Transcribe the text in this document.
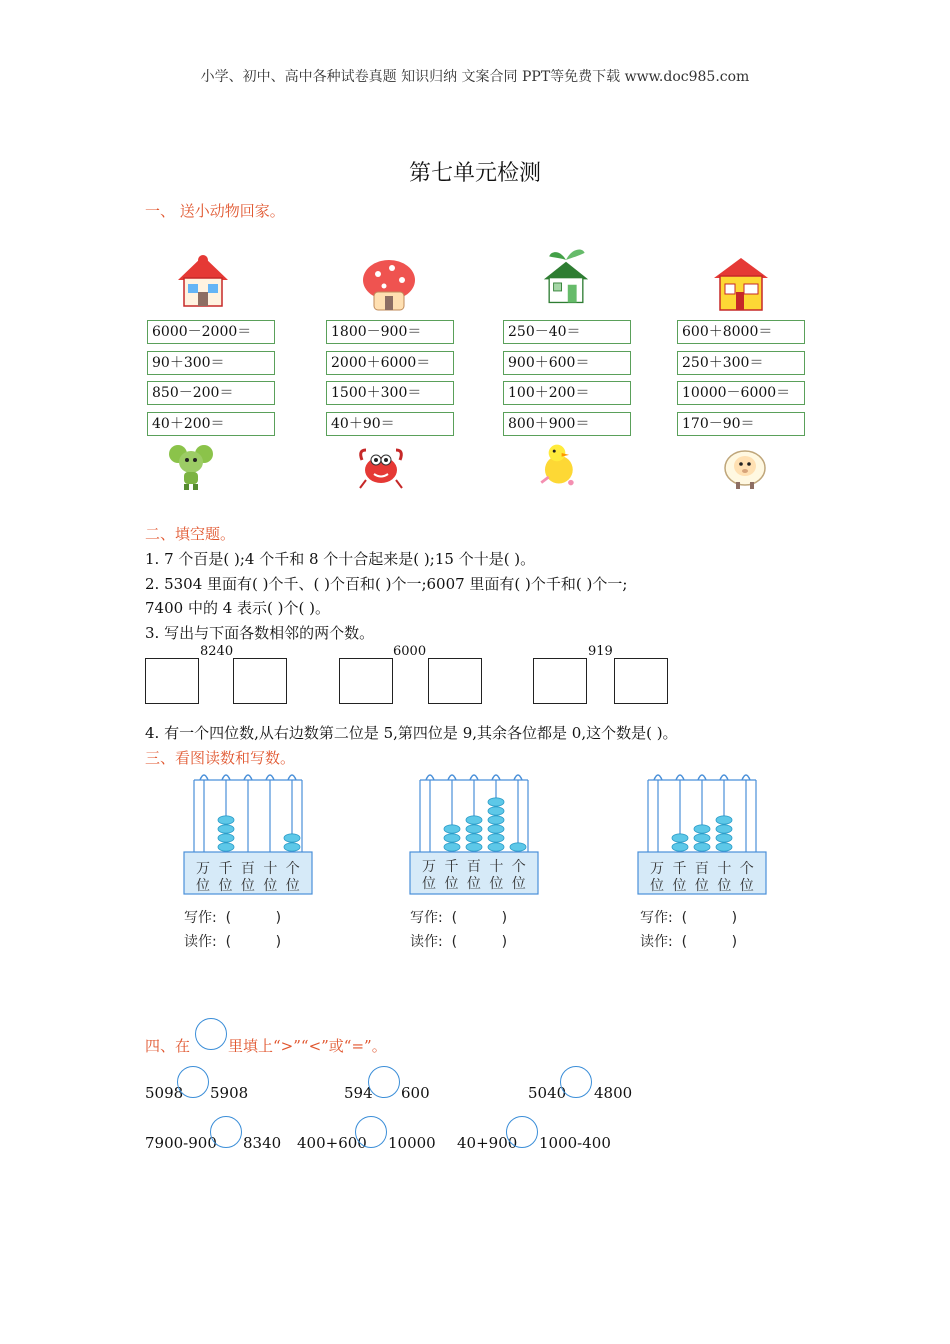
小学、初中、高中各种试卷真题 知识归纳 文案合同 PPT等免费下载 www.doc985.com
第七单元检测
一、 送小动物回家。
6000－2000＝
90＋300＝
850－200＝
40＋200＝
1800－900＝
2000＋6000＝
1500＋300＝
40＋90＝
250－40＝
900＋600＝
100＋200＝
800＋900＝
600＋8000＝
250＋300＝
10000－6000＝
170－90＝
二、填空题。
1. 7 个百是( );4 个千和 8 个十合起来是( );15 个十是( )。
2. 5304 里面有( )个千、( )个百和( )个一;6007 里面有( )个千和( )个一;
7400 中的 4 表示( )个( )。
3. 写出与下面各数相邻的两个数。
8240	6000	919
4. 有一个四位数,从右边数第二位是 5,第四位是 9,其余各位都是 0,这个数是( )。
三、看图读数和写数。
万 千 百 十 个
位 位 位 位 位
万 千 百 十 个
位 位 位 位 位
万 千 百 十 个
位 位 位 位 位
写作:  (          )
读作:  (          )
写作:  (          )
读作:  (          )
写作:  (          )
读作:  (          )
四、在	里填上“>”“<”或“=”。
5098 5908	594 600	5040 4800
7900-900 8340 400+600 10000 40+900 1000-400
